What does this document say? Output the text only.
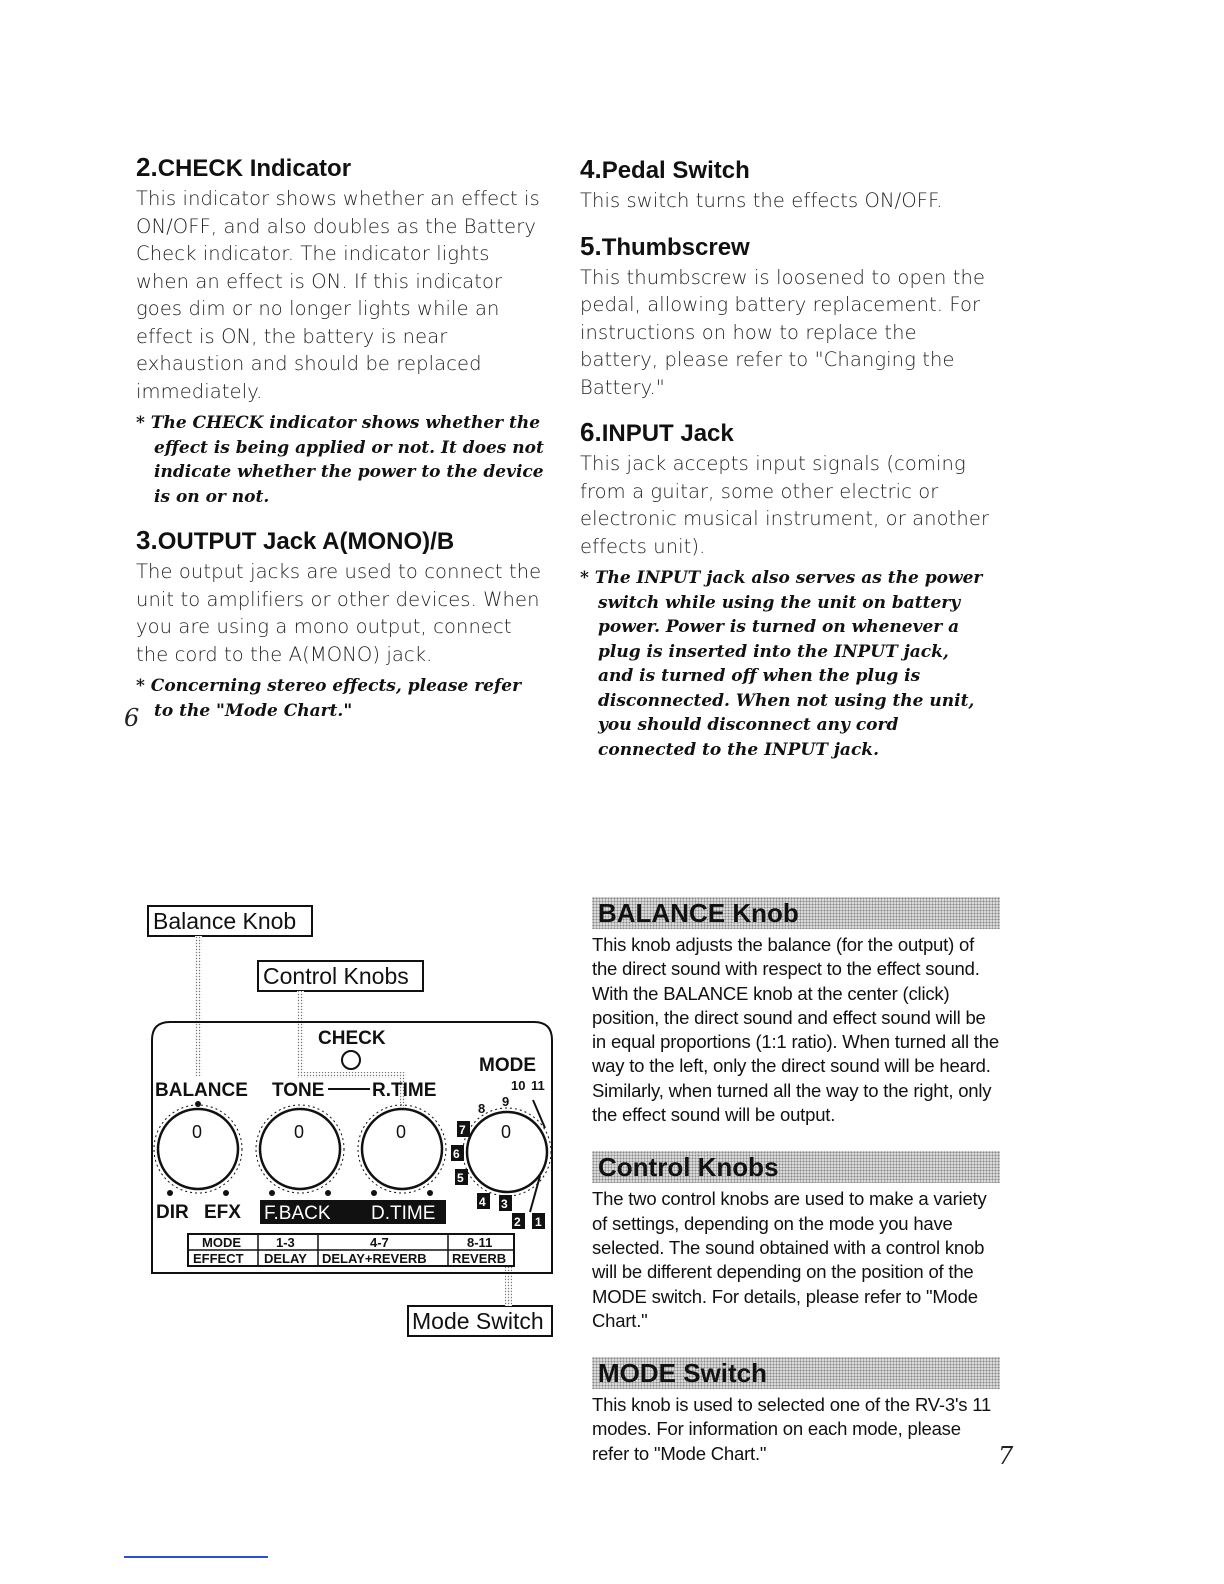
2.CHECK Indicator

This indicator shows whether an effect is ON/OFF, and also doubles as the Battery Check indicator. The indicator lights when an effect is ON. If this indicator goes dim or no longer lights while an effect is ON, the battery is near exhaustion and should be replaced immediately.

* The CHECK indicator shows whether the effect is being applied or not. It does not indicate whether the power to the device is on or not.

3.OUTPUT Jack A(MONO)/B

The output jacks are used to connect the unit to amplifiers or other devices. When you are using a mono output, connect the cord to the A(MONO) jack.

* Concerning stereo effects, please refer to the "Mode Chart."

6
4.Pedal Switch

This switch turns the effects ON/OFF.

5.Thumbscrew

This thumbscrew is loosened to open the pedal, allowing battery replacement. For instructions on how to replace the battery, please refer to "Changing the Battery."

6.INPUT Jack

This jack accepts input signals (coming from a guitar, some other electric or electronic musical instrument, or another effects unit).

* The INPUT jack also serves as the power switch while using the unit on battery power. Power is turned on whenever a plug is inserted into the INPUT jack, and is turned off when the plug is disconnected. When not using the unit, you should disconnect any cord connected to the INPUT jack.

Balance Knob
Control Knobs
Mode Switch
CHECK
MODE
BALANCE TONE	R.TIME
0	0	0	0
10 11
8 9
7
6
5
4 3
2 1
DIR EFX F.BACK D.TIME
MODE	1-3	4-7	8-11
EFFECT DELAY DELAY+REVERB REVERB
BALANCE Knob

This knob adjusts the balance (for the output) of the direct sound with respect to the effect sound. With the BALANCE knob at the center (click) position, the direct sound and effect sound will be in equal proportions (1:1 ratio). When turned all the way to the left, only the direct sound will be heard. Similarly, when turned all the way to the right, only the effect sound will be output.

Control Knobs

The two control knobs are used to make a variety of settings, depending on the mode you have selected. The sound obtained with a control knob will be different depending on the position of the MODE switch. For details, please refer to "Mode Chart."

MODE Switch

This knob is used to selected one of the RV-3's 11 modes. For information on each mode, please refer to "Mode Chart."	7
